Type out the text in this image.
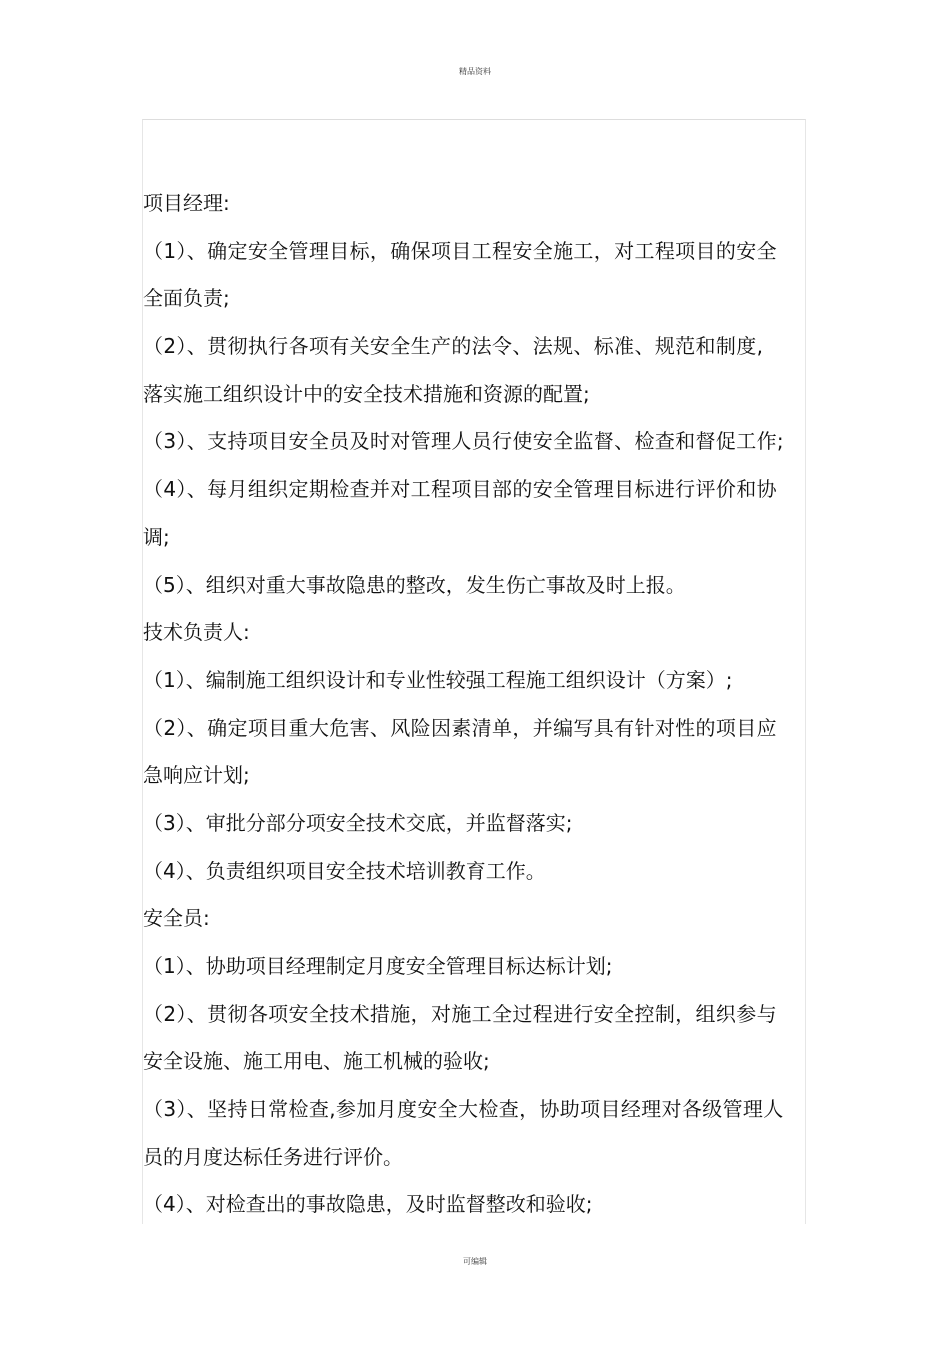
精品资料
项目经理:
（1）、确定安全管理目标，确保项目工程安全施工，对工程项目的安全
全面负责;
（2）、贯彻执行各项有关安全生产的法令、法规、标准、规范和制度,
落实施工组织设计中的安全技术措施和资源的配置;
（3）、支持项目安全员及时对管理人员行使安全监督、检查和督促工作;
（4）、每月组织定期检查并对工程项目部的安全管理目标进行评价和协
调;
（5）、组织对重大事故隐患的整改，发生伤亡事故及时上报。
技术负责人:
（1）、编制施工组织设计和专业性较强工程施工组织设计（方案）;
（2）、确定项目重大危害、风险因素清单，并编写具有针对性的项目应
急响应计划;
（3）、审批分部分项安全技术交底，并监督落实;
（4）、负责组织项目安全技术培训教育工作。
安全员:
（1）、协助项目经理制定月度安全管理目标达标计划;
（2）、贯彻各项安全技术措施，对施工全过程进行安全控制，组织参与
安全设施、施工用电、施工机械的验收;
（3）、坚持日常检查,参加月度安全大检查，协助项目经理对各级管理人
员的月度达标任务进行评价。
（4）、对检查出的事故隐患，及时监督整改和验收;
可编辑
